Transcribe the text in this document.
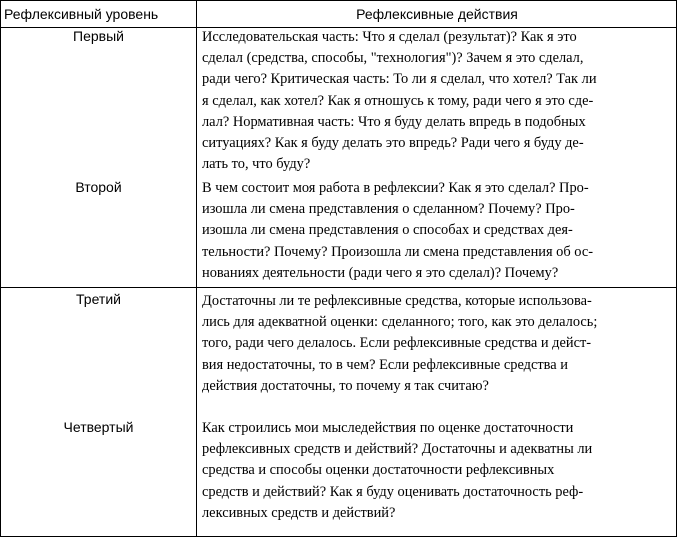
Рефлексивный уровень	Рефлексивные действия
Первый	Исследовательская часть: Что я сделал (результат)? Как я это
сделал (средства, способы, "технология")? Зачем я это сделал,
ради чего? Критическая часть: То ли я сделал, что хотел? Так ли
я сделал, как хотел? Как я отношусь к тому, ради чего я это сде-
лал? Нормативная часть: Что я буду делать впредь в подобных
ситуациях? Как я буду делать это впредь? Ради чего я буду де-
лать то, что буду?
Второй	В чем состоит моя работа в рефлексии? Как я это сделал? Про-
изошла ли смена представления о сделанном? Почему? Про-
изошла ли смена представления о способах и средствах дея-
тельности? Почему? Произошла ли смена представления об ос-
нованиях деятельности (ради чего я это сделал)? Почему?
Третий	Достаточны ли те рефлексивные средства, которые использова-
лись для адекватной оценки: сделанного; того, как это делалось;
того, ради чего делалось. Если рефлексивные средства и дейст-
вия недостаточны, то в чем? Если рефлексивные средства и
действия достаточны, то почему я так считаю?
Четвертый	Как строились мои мыследействия по оценке достаточности
рефлексивных средств и действий? Достаточны и адекватны ли
средства и способы оценки достаточности рефлексивных
средств и действий? Как я буду оценивать достаточность реф-
лексивных средств и действий?
